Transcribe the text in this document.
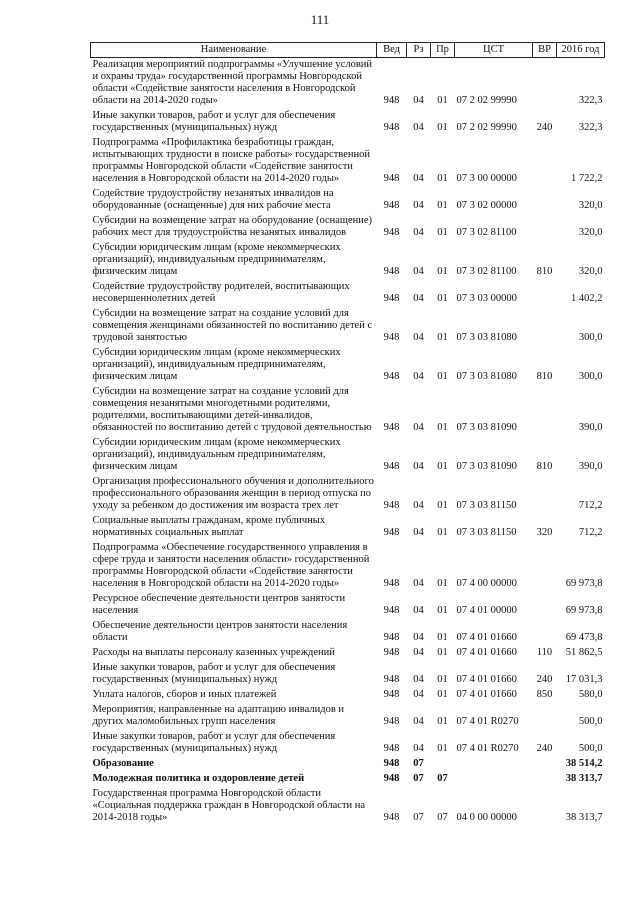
111
Наименование	Вед	Рз	Пр	ЦСТ	ВР	2016 год
Реализация мероприятий подпрограммы «Улучшение условий и охраны труда» государственной программы Новгородской области «Содействие занятости населения в Новгородской области на 2014-2020 годы»	948	04	01	07 2 02 99990		322,3
Иные закупки товаров, работ и услуг для обеспечения государственных (муниципальных) нужд	948	04	01	07 2 02 99990	240	322,3
Подпрограмма «Профилактика безработицы граждан, испытывающих трудности в поиске работы» государственной программы Новгородской области «Содействие занятости населения в Новгородской области на 2014-2020 годы»	948	04	01	07 3 00 00000		1 722,2
Содействие трудоустройству незанятых инвалидов на оборудованные (оснащенные) для них рабочие места	948	04	01	07 3 02 00000		320,0
Субсидии на возмещение затрат на оборудование (оснащение) рабочих мест для трудоустройства незанятых инвалидов	948	04	01	07 3 02 81100		320,0
Субсидии юридическим лицам (кроме некоммерческих организаций), индивидуальным предпринимателям, физическим лицам	948	04	01	07 3 02 81100	810	320,0
Содействие трудоустройству родителей, воспитывающих несовершеннолетних детей	948	04	01	07 3 03 00000		1 402,2
Субсидии на возмещение затрат на создание условий для совмещения женщинами обязанностей по воспитанию детей с трудовой занятостью	948	04	01	07 3 03 81080		300,0
Субсидии юридическим лицам (кроме некоммерческих организаций), индивидуальным предпринимателям, физическим лицам	948	04	01	07 3 03 81080	810	300,0
Субсидии на возмещение затрат на создание условий для совмещения незанятыми многодетными родителями, родителями, воспитывающими детей-инвалидов, обязанностей по воспитанию детей с трудовой деятельностью	948	04	01	07 3 03 81090		390,0
Субсидии юридическим лицам (кроме некоммерческих организаций), индивидуальным предпринимателям, физическим лицам	948	04	01	07 3 03 81090	810	390,0
Организация профессионального обучения и дополнительного профессионального образования женщин в период отпуска по уходу за ребенком до достижения им возраста трех лет	948	04	01	07 3 03 81150		712,2
Социальные выплаты гражданам, кроме публичных нормативных социальных выплат	948	04	01	07 3 03 81150	320	712,2
Подпрограмма «Обеспечение государственного управления в сфере труда и занятости населения области» государственной программы Новгородской области «Содействие занятости населения в Новгородской области на 2014-2020 годы»	948	04	01	07 4 00 00000		69 973,8
Ресурсное обеспечение деятельности центров занятости населения	948	04	01	07 4 01 00000		69 973,8
Обеспечение деятельности центров занятости населения области	948	04	01	07 4 01 01660		69 473,8
Расходы на выплаты персоналу казенных учреждений	948	04	01	07 4 01 01660	110	51 862,5
Иные закупки товаров, работ и услуг для обеспечения государственных (муниципальных) нужд	948	04	01	07 4 01 01660	240	17 031,3
Уплата налогов, сборов и иных платежей	948	04	01	07 4 01 01660	850	580,0
Мероприятия, направленные на адаптацию инвалидов и других маломобильных групп населения	948	04	01	07 4 01 R0270		500,0
Иные закупки товаров, работ и услуг для обеспечения государственных (муниципальных) нужд	948	04	01	07 4 01 R0270	240	500,0
Образование	948	07				38 514,2
Молодежная политика и оздоровление детей	948	07	07			38 313,7
Государственная программа Новгородской области «Социальная поддержка граждан в Новгородской области на 2014-2018 годы»	948	07	07	04 0 00 00000		38 313,7
